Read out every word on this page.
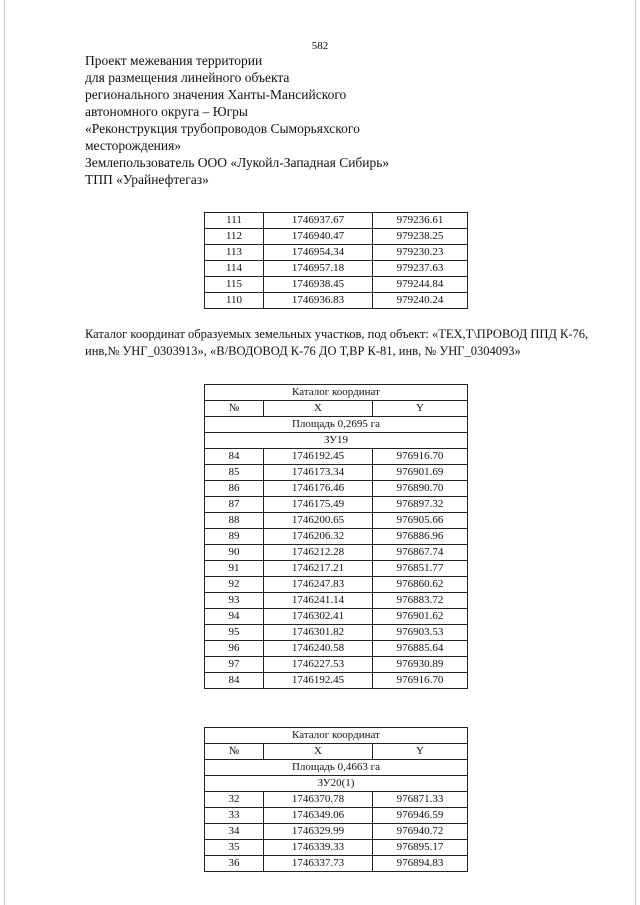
582
Проект межевания территории
для размещения линейного объекта
регионального значения Ханты-Мансийского
автономного округа – Югры
«Реконструкция трубопроводов Сыморьяхского
месторождения»
Землепользователь ООО «Лукойл-Западная Сибирь»
ТПП «Урайнефтегаз»
111	1746937.67	979236.61
112	1746940.47	979238.25
113	1746954.34	979230.23
114	1746957.18	979237.63
115	1746938.45	979244.84
110	1746936.83	979240.24
Каталог координат образуемых земельных участков, под объект: «ТЕХ,Т\ПРОВОД ППД К-76, инв,№ УНГ_0303913», «В/ВОДОВОД К-76 ДО Т,ВР К-81, инв, № УНГ_0304093»
Каталог координат		
№	X	Y
Площадь 0,2695 га		
ЗУ19		
84	1746192.45	976916.70
85	1746173.34	976901.69
86	1746176.46	976890.70
87	1746175.49	976897.32
88	1746200.65	976905.66
89	1746206.32	976886.96
90	1746212.28	976867.74
91	1746217.21	976851.77
92	1746247.83	976860.62
93	1746241.14	976883.72
94	1746302.41	976901.62
95	1746301.82	976903.53
96	1746240.58	976885.64
97	1746227.53	976930.89
84	1746192.45	976916.70
Каталог координат		
№	X	Y
Площадь 0,4663 га		
ЗУ20(1)		
32	1746370.78	976871.33
33	1746349.06	976946.59
34	1746329.99	976940.72
35	1746339.33	976895.17
36	1746337.73	976894.83
